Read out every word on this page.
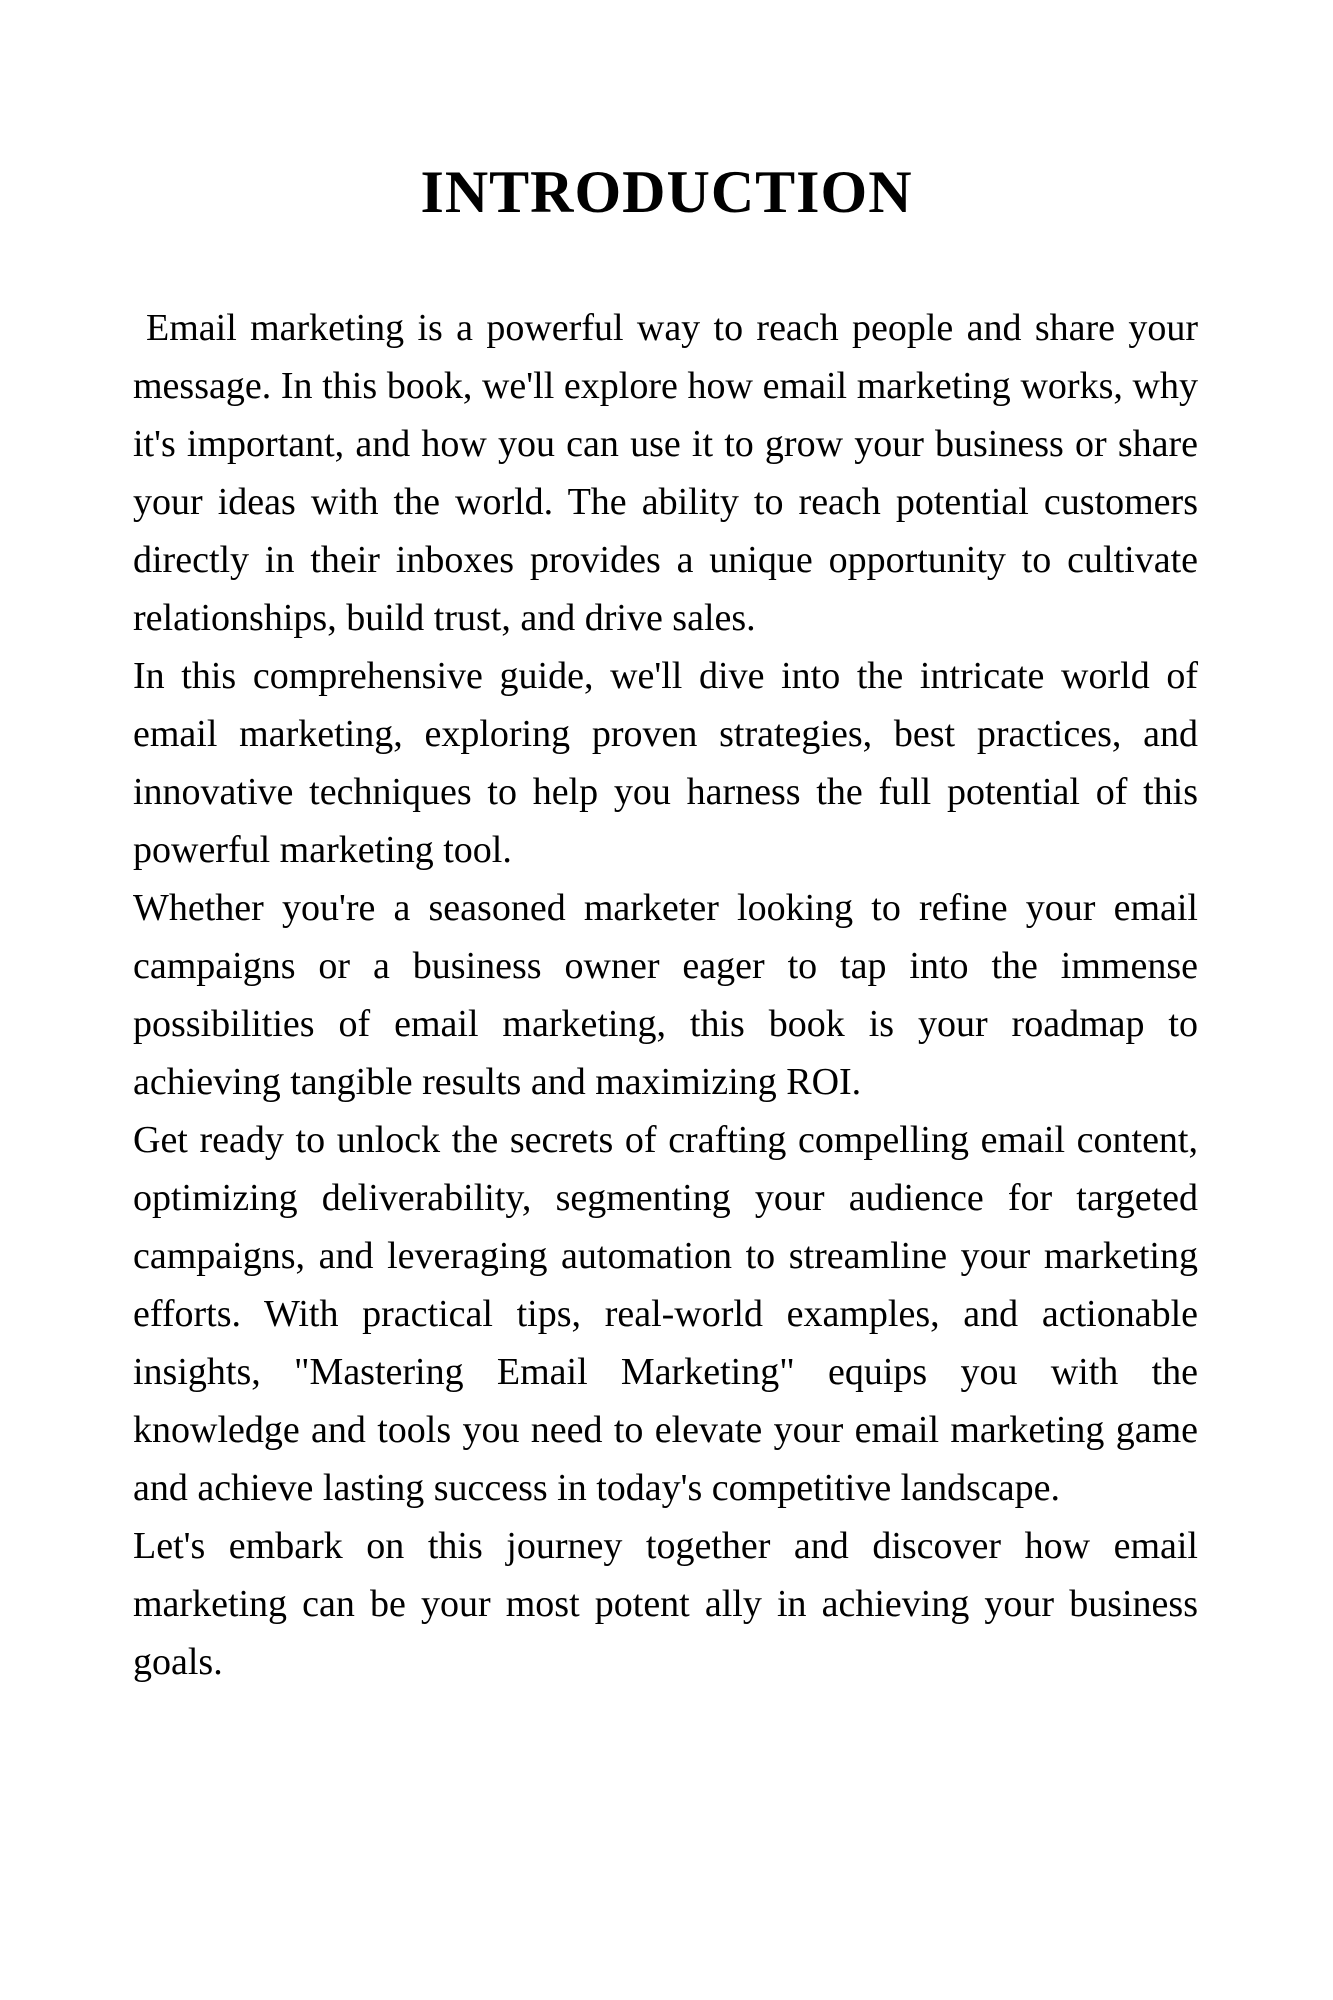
INTRODUCTION

Email marketing is a powerful way to reach people and share your message. In this book, we'll explore how email marketing works, why it's important, and how you can use it to grow your business or share your ideas with the world. The ability to reach potential customers directly in their inboxes provides a unique opportunity to cultivate relationships, build trust, and drive sales.

In this comprehensive guide, we'll dive into the intricate world of email marketing, exploring proven strategies, best practices, and innovative techniques to help you harness the full potential of this powerful marketing tool.

Whether you're a seasoned marketer looking to refine your email campaigns or a business owner eager to tap into the immense possibilities of email marketing, this book is your roadmap to achieving tangible results and maximizing ROI.

Get ready to unlock the secrets of crafting compelling email content, optimizing deliverability, segmenting your audience for targeted campaigns, and leveraging automation to streamline your marketing efforts. With practical tips, real-world examples, and actionable insights, "Mastering Email Marketing" equips you with the knowledge and tools you need to elevate your email marketing game and achieve lasting success in today's competitive landscape.

Let's embark on this journey together and discover how email marketing can be your most potent ally in achieving your business goals.
